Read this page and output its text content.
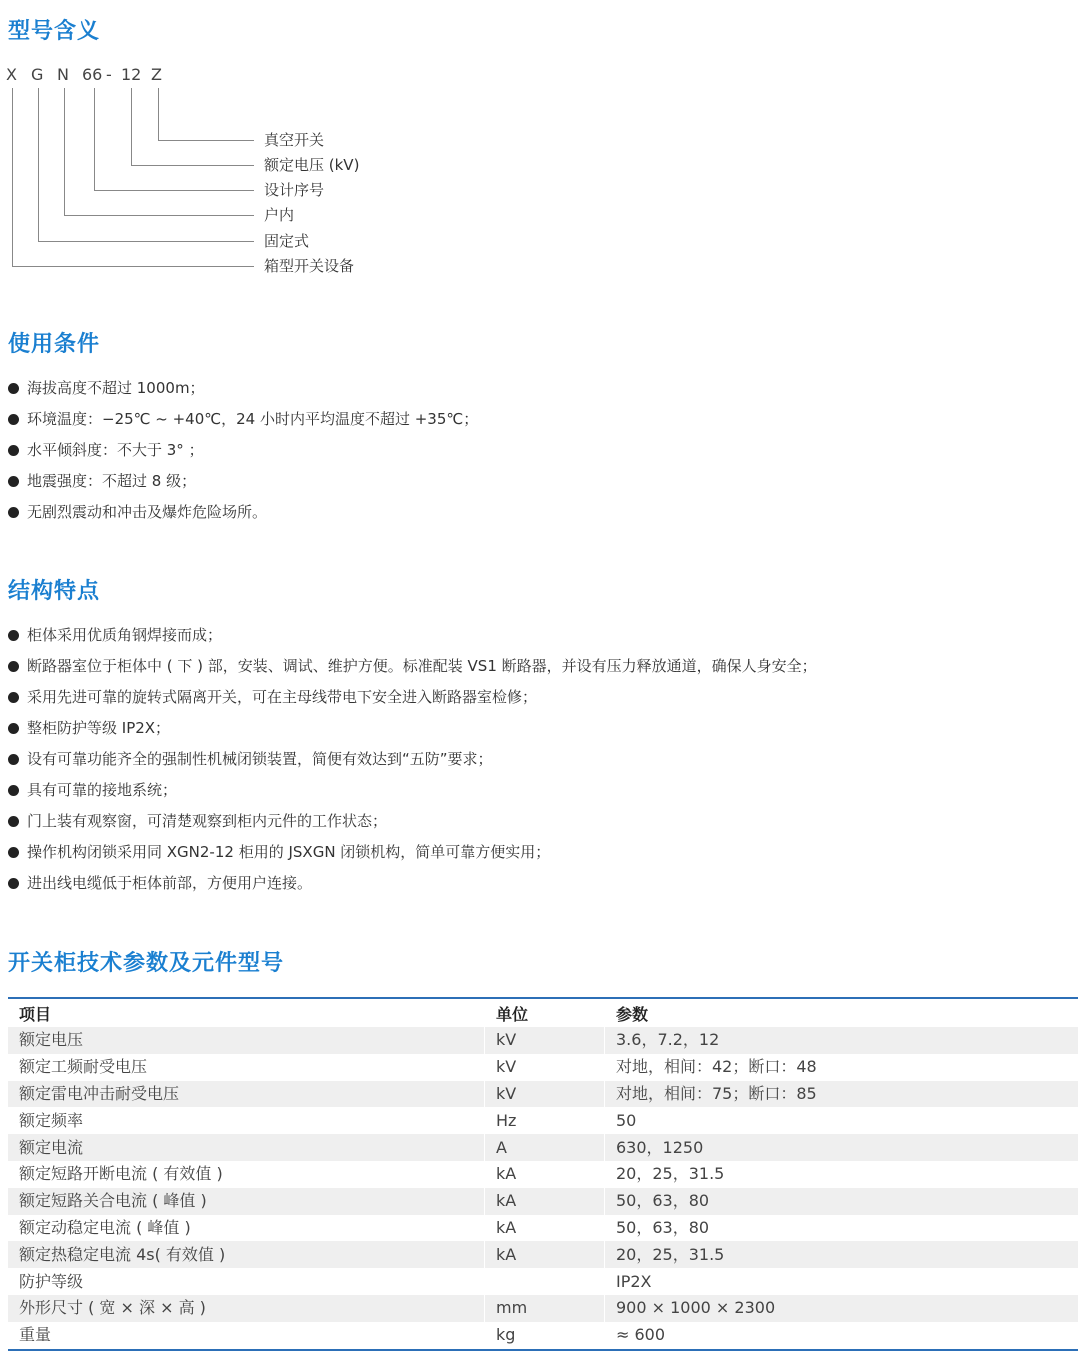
型号含义
X G N 66 - 12 Z
真空开关
额定电压 (kV)
设计序号
户内
固定式
箱型开关设备
使用条件
海拔高度不超过 1000m；
环境温度：−25℃ ~ +40℃，24 小时内平均温度不超过 +35℃；
水平倾斜度：不大于 3° ；
地震强度：不超过 8 级；
无剧烈震动和冲击及爆炸危险场所。
结构特点
柜体采用优质角钢焊接而成；
断路器室位于柜体中 ( 下 ) 部，安装、调试、维护方便。标准配装 VS1 断路器，并设有压力释放通道，确保人身安全；
采用先进可靠的旋转式隔离开关，可在主母线带电下安全进入断路器室检修；
整柜防护等级 IP2X；
设有可靠功能齐全的强制性机械闭锁装置，简便有效达到“五防”要求；
具有可靠的接地系统；
门上装有观察窗，可清楚观察到柜内元件的工作状态；
操作机构闭锁采用同 XGN2-12 柜用的 JSXGN 闭锁机构，简单可靠方便实用；
进出线电缆低于柜体前部，方便用户连接。
开关柜技术参数及元件型号
项目	单位	参数
额定电压	kV	3.6，7.2，12
额定工频耐受电压	kV	对地，相间：42；断口：48
额定雷电冲击耐受电压	kV	对地，相间：75；断口：85
额定频率	Hz	50
额定电流	A	630，1250
额定短路开断电流 ( 有效值 )	kA	20，25，31.5
额定短路关合电流 ( 峰值 )	kA	50，63，80
额定动稳定电流 ( 峰值 )	kA	50，63，80
额定热稳定电流 4s( 有效值 )	kA	20，25，31.5
防护等级		IP2X
外形尺寸 ( 宽 × 深 × 高 )	mm	900 × 1000 × 2300
重量	kg	≈ 600
